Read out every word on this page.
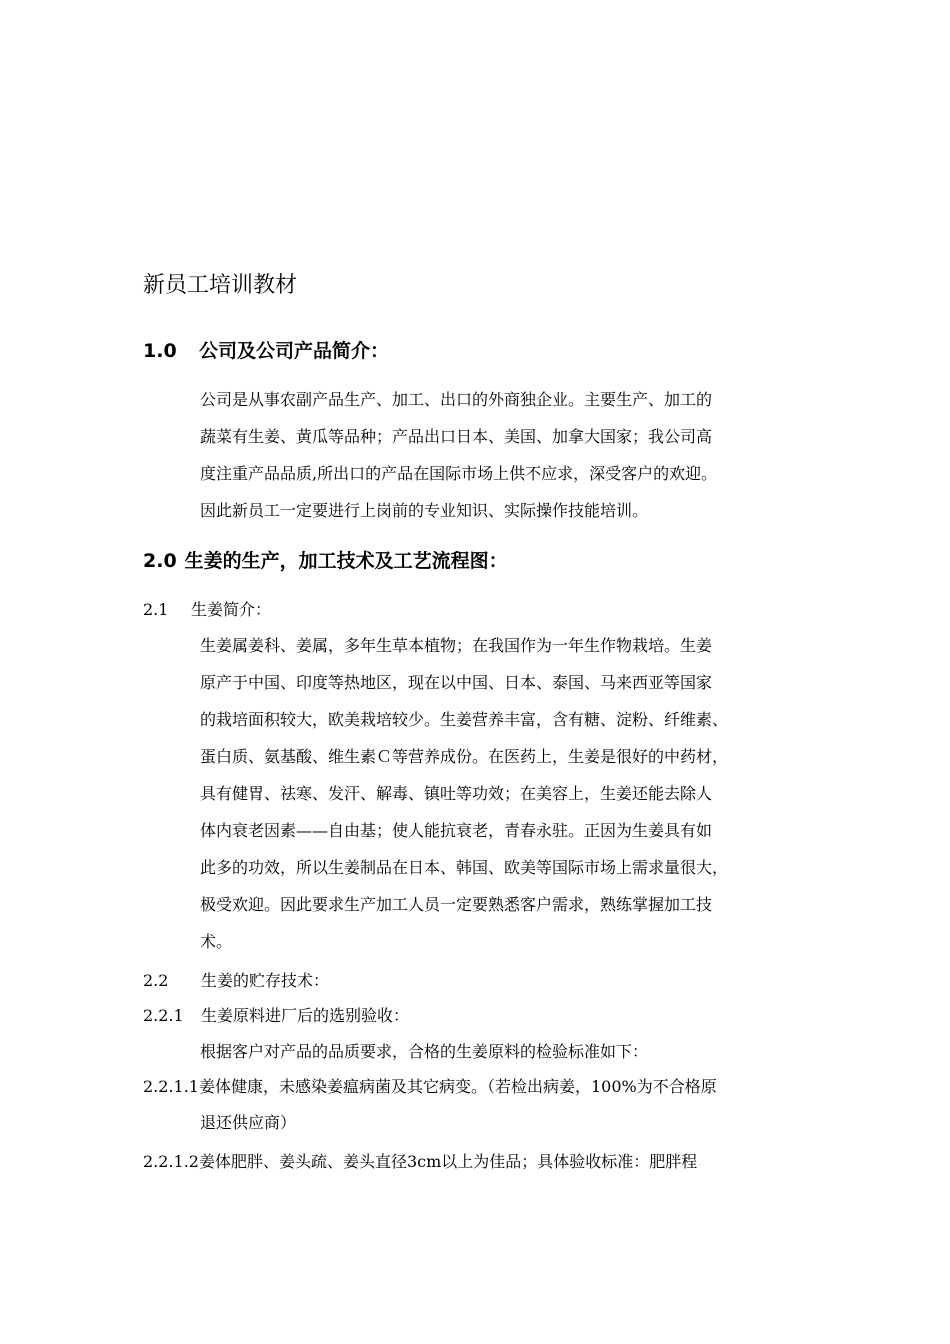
新员工培训教材
1.0 公司及公司产品简介：
公司是从事农副产品生产、加工、出口的外商独企业。主要生产、加工的
蔬菜有生姜、黄瓜等品种；产品出口日本、美国、加拿大国家；我公司高
度注重产品品质,所出口的产品在国际市场上供不应求，深受客户的欢迎。
因此新员工一定要进行上岗前的专业知识、实际操作技能培训。
2.0 生姜的生产，加工技术及工艺流程图：
2.1 生姜简介：
生姜属姜科、姜属，多年生草本植物；在我国作为一年生作物栽培。生姜
原产于中国、印度等热地区，现在以中国、日本、泰国、马来西亚等国家
的栽培面积较大，欧美栽培较少。生姜营养丰富，含有糖、淀粉、纤维素、
蛋白质、氨基酸、维生素Ｃ等营养成份。在医药上，生姜是很好的中药材，
具有健胃、祛寒、发汗、解毒、镇吐等功效；在美容上，生姜还能去除人
体内衰老因素——自由基；使人能抗衰老，青春永驻。正因为生姜具有如
此多的功效，所以生姜制品在日本、韩国、欧美等国际市场上需求量很大，
极受欢迎。因此要求生产加工人员一定要熟悉客户需求，熟练掌握加工技
术。
2.2 生姜的贮存技术：
2.2.1 生姜原料进厂后的选别验收：
根据客户对产品的品质要求，合格的生姜原料的检验标准如下：
2.2.1.1姜体健康，未感染姜瘟病菌及其它病变。（若检出病姜，100%为不合格原
退还供应商）
2.2.1.2姜体肥胖、姜头疏、姜头直径3cm以上为佳品；具体验收标准：肥胖程
